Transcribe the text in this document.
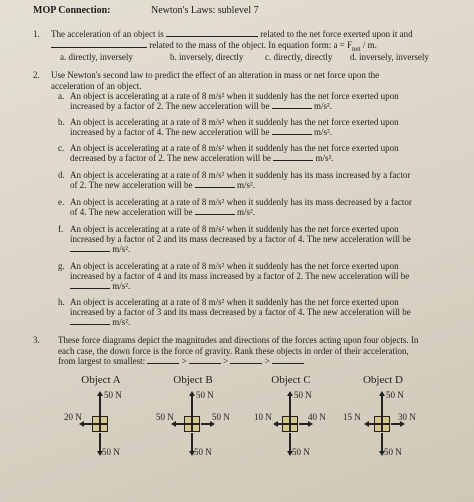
MOP Connection:	Newton's Laws: sublevel 7
1. The acceleration of an object is	related to the net force exerted upon it and
related to the mass of the object. In equation form: $a = F_{net} / m$.
a. directly, inversely	b. inversely, directly c. directly, directly d. inversely, inversely
2. Use Newton's second law to predict the effect of an alteration in mass or net force upon the
acceleration of an object.
a. An object is accelerating at a rate of 8 m/s² when it suddenly has the net force exerted upon
increased by a factor of 2. The new acceleration will be	m/s².
b. An object is accelerating at a rate of 8 m/s² when it suddenly has the net force exerted upon
increased by a factor of 4. The new acceleration will be	m/s².
c. An object is accelerating at a rate of 8 m/s² when it suddenly has the net force exerted upon
decreased by a factor of 2. The new acceleration will be	m/s².
d. An object is accelerating at a rate of 8 m/s² when it suddenly has its mass increased by a factor
of 2. The new acceleration will be	m/s².
e. An object is accelerating at a rate of 8 m/s² when it suddenly has its mass decreased by a factor
of 4. The new acceleration will be	m/s².
f. An object is accelerating at a rate of 8 m/s² when it suddenly has the net force exerted upon
increased by a factor of 2 and its mass decreased by a factor of 4. The new acceleration will be
m/s².
g. An object is accelerating at a rate of 8 m/s² when it suddenly has the net force exerted upon
increased by a factor of 4 and its mass increased by a factor of 2. The new acceleration will be
m/s².
h. An object is accelerating at a rate of 8 m/s² when it suddenly has the net force exerted upon
increased by a factor of 3 and its mass decreased by a factor of 4. The new acceleration will be
m/s².
3. These force diagrams depict the magnitudes and directions of the forces acting upon four objects. In
each case, the down force is the force of gravity. Rank these objects in order of their acceleration,
from largest to smallest:	>	>	>
Object A
50 N
20 N
50 N
Object B
50 N
50 N	50 N
50 N
Object C
50 N
10 N	40 N
50 N
Object D
50 N
15 N	30 N
50 N
